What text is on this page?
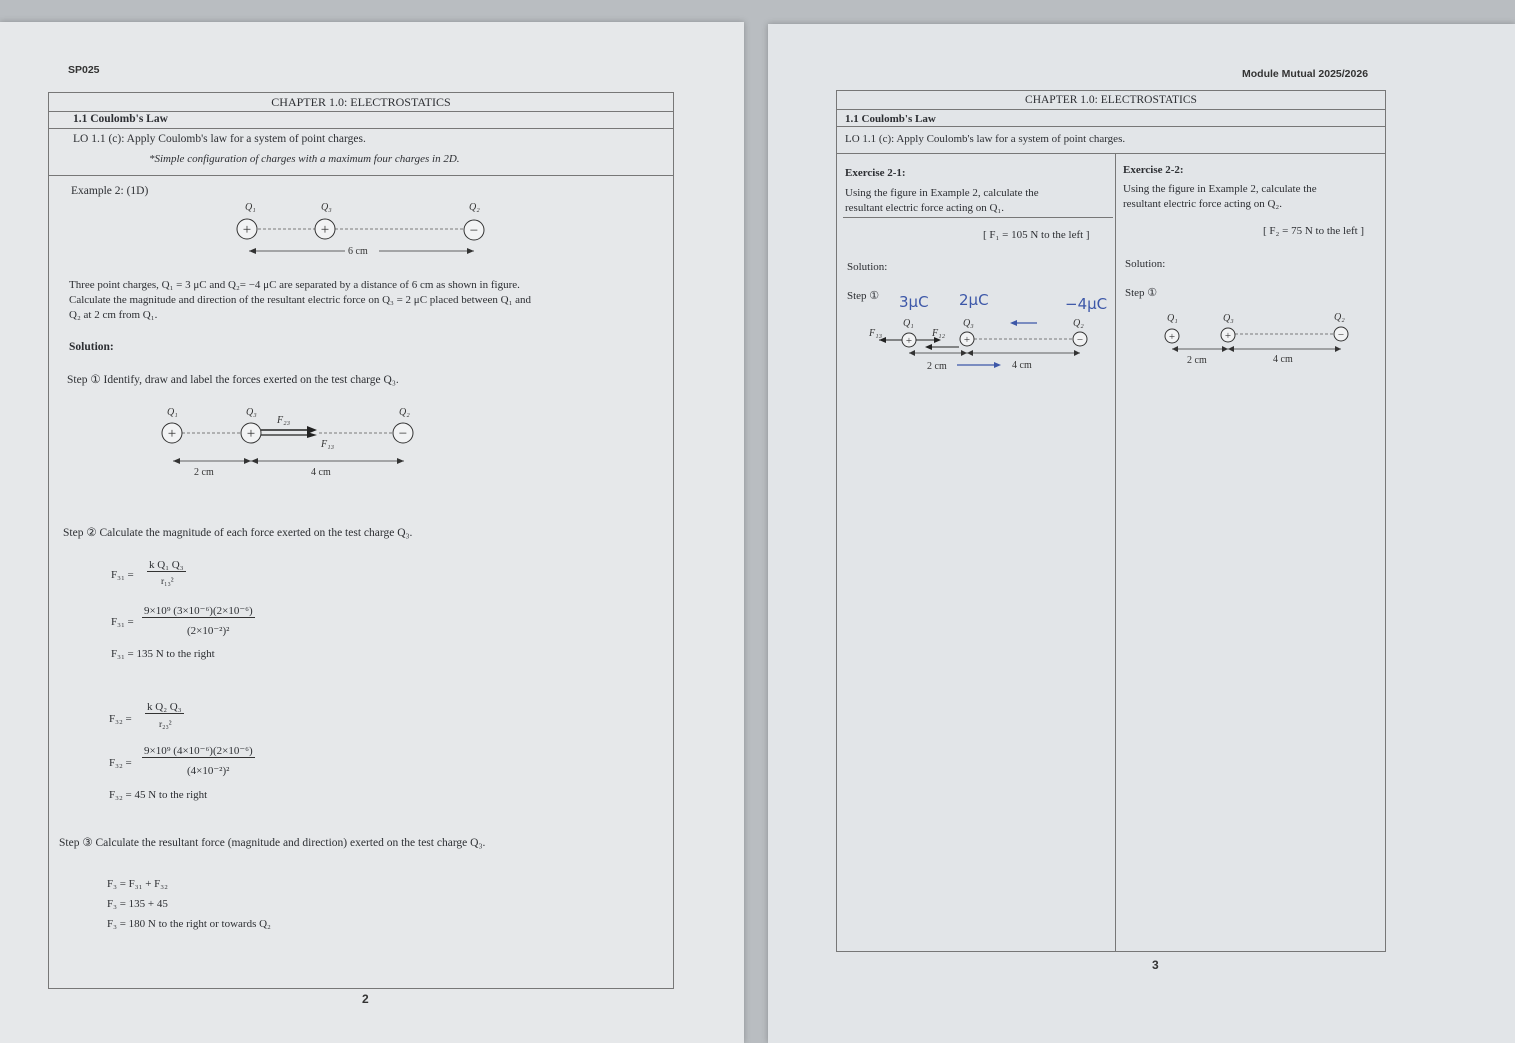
SP025
CHAPTER 1.0: ELECTROSTATICS
1.1 Coulomb's Law
LO 1.1 (c): Apply Coulomb's law for a system of point charges.
*Simple configuration of charges with a maximum four charges in 2D.
Example 2: (1D)
Q₁	Q₃	Q₂
+	+	−
6 cm
Three point charges, Q₁ = 3 μC and Q₂= −4 μC are separated by a distance of 6 cm as shown in figure.
Calculate the magnitude and direction of the resultant electric force on Q₃ = 2 μC placed between Q₁ and
Q₂ at 2 cm from Q₁.
Solution:
Step ① Identify, draw and label the forces exerted on the test charge Q₃.
Q₁	Q₃	Q₂
+	+	−
F₂₃
F₁₃
2 cm	4 cm
Step ② Calculate the magnitude of each force exerted on the test charge Q₃.
F₃₁ =
k Q₁ Q₃
r₁₃²
F₃₁ =
9×10⁹ (3×10⁻⁶)(2×10⁻⁶)
(2×10⁻²)²
F₃₁ = 135 N to the right
F₃₂ =
k Q₂ Q₃
r₂₃²
F₃₂ =
9×10⁹ (4×10⁻⁶)(2×10⁻⁶)
(4×10⁻²)²
F₃₂ = 45 N to the right
Step ③ Calculate the resultant force (magnitude and direction) exerted on the test charge Q₃.
F₃ = F₃₁ + F₃₂
F₃ = 135 + 45
F₃ = 180 N to the right or towards Q₂
2
Module Mutual 2025/2026
CHAPTER 1.0: ELECTROSTATICS
1.1 Coulomb's Law
LO 1.1 (c): Apply Coulomb's law for a system of point charges.
Exercise 2-1:
Using the figure in Example 2, calculate the
resultant electric force acting on Q₁.
[ F₁ = 105 N to the left ]
Solution:
Step ① 3μC 2μC	−4μC
Q₁	Q₃	Q₂
+	+	−
F₁₃	F₁₂
2 cm	4 cm
Exercise 2-2:
Using the figure in Example 2, calculate the
resultant electric force acting on Q₂.
[ F₂ = 75 N to the left ]
Solution:
Step ①
Q₁	Q₃	Q₂
+	+	−
2 cm	4 cm
3
